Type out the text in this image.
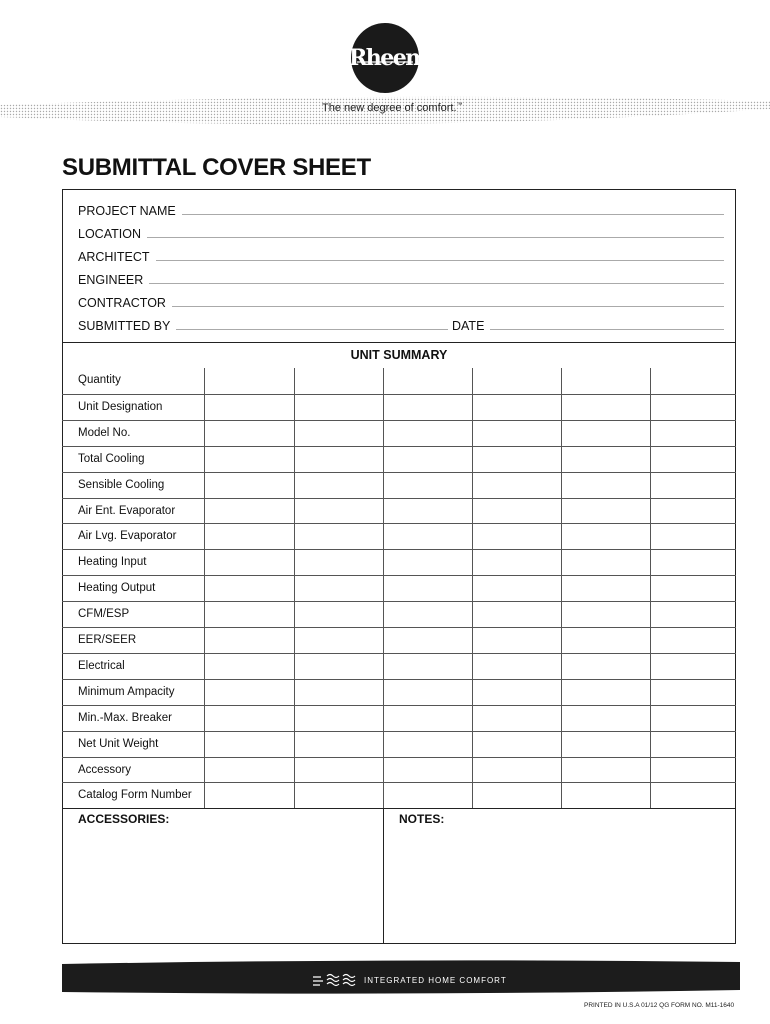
Rheem
The new degree of comfort.™
SUBMITTAL COVER SHEET
PROJECT NAME
LOCATION
ARCHITECT
ENGINEER
CONTRACTOR
SUBMITTED BY	DATE
UNIT SUMMARY
Quantity
Unit Designation
Model No.
Total Cooling
Sensible Cooling
Air Ent. Evaporator
Air Lvg. Evaporator
Heating Input
Heating Output
CFM/ESP
EER/SEER
Electrical
Minimum Ampacity
Min.-Max. Breaker
Net Unit Weight
Accessory
Catalog Form Number
ACCESSORIES:	NOTES:
INTEGRATED HOME COMFORT
PRINTED IN U.S.A 01/12 QG FORM NO. M11-1640
